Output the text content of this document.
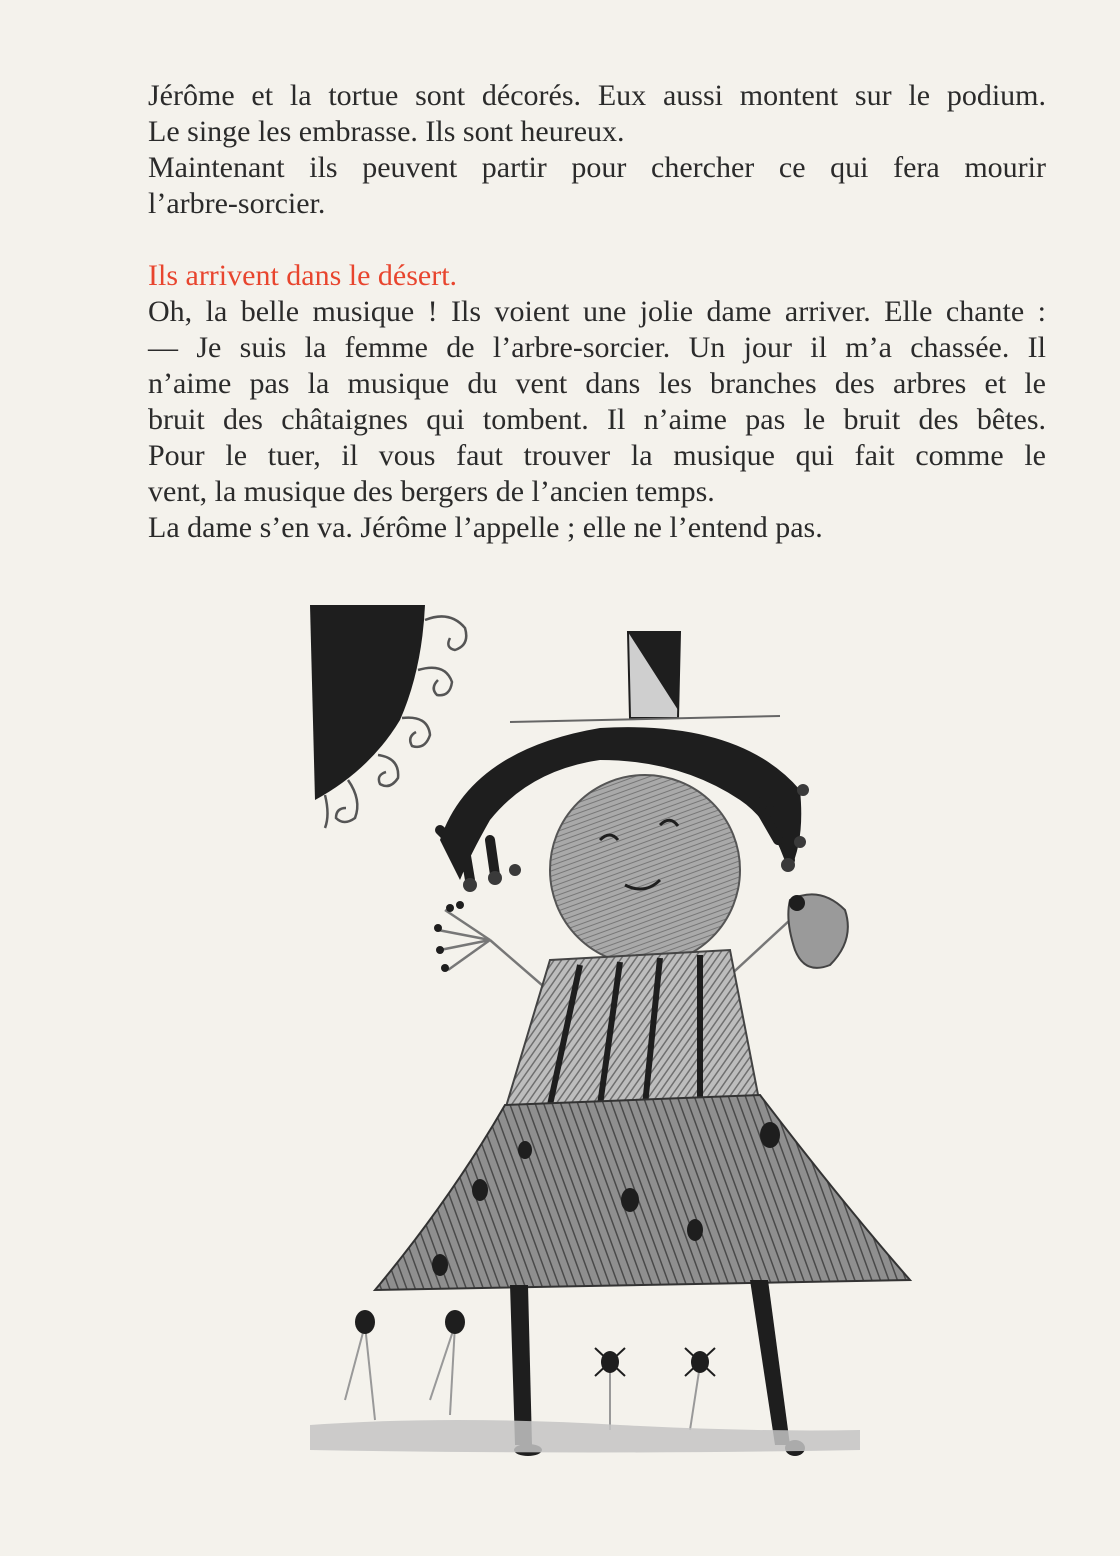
Jérôme et la tortue sont décorés. Eux aussi montent sur le podium.
Le singe les embrasse. Ils sont heureux.
Maintenant ils peuvent partir pour chercher ce qui fera mourir
l’arbre-sorcier.
Ils arrivent dans le désert.
Oh, la belle musique ! Ils voient une jolie dame arriver. Elle chante :
— Je suis la femme de l’arbre-sorcier. Un jour il m’a chassée. Il
n’aime pas la musique du vent dans les branches des arbres et le
bruit des châtaignes qui tombent. Il n’aime pas le bruit des bêtes.
Pour le tuer, il vous faut trouver la musique qui fait comme le
vent, la musique des bergers de l’ancien temps.
La dame s’en va. Jérôme l’appelle ; elle ne l’entend pas.
